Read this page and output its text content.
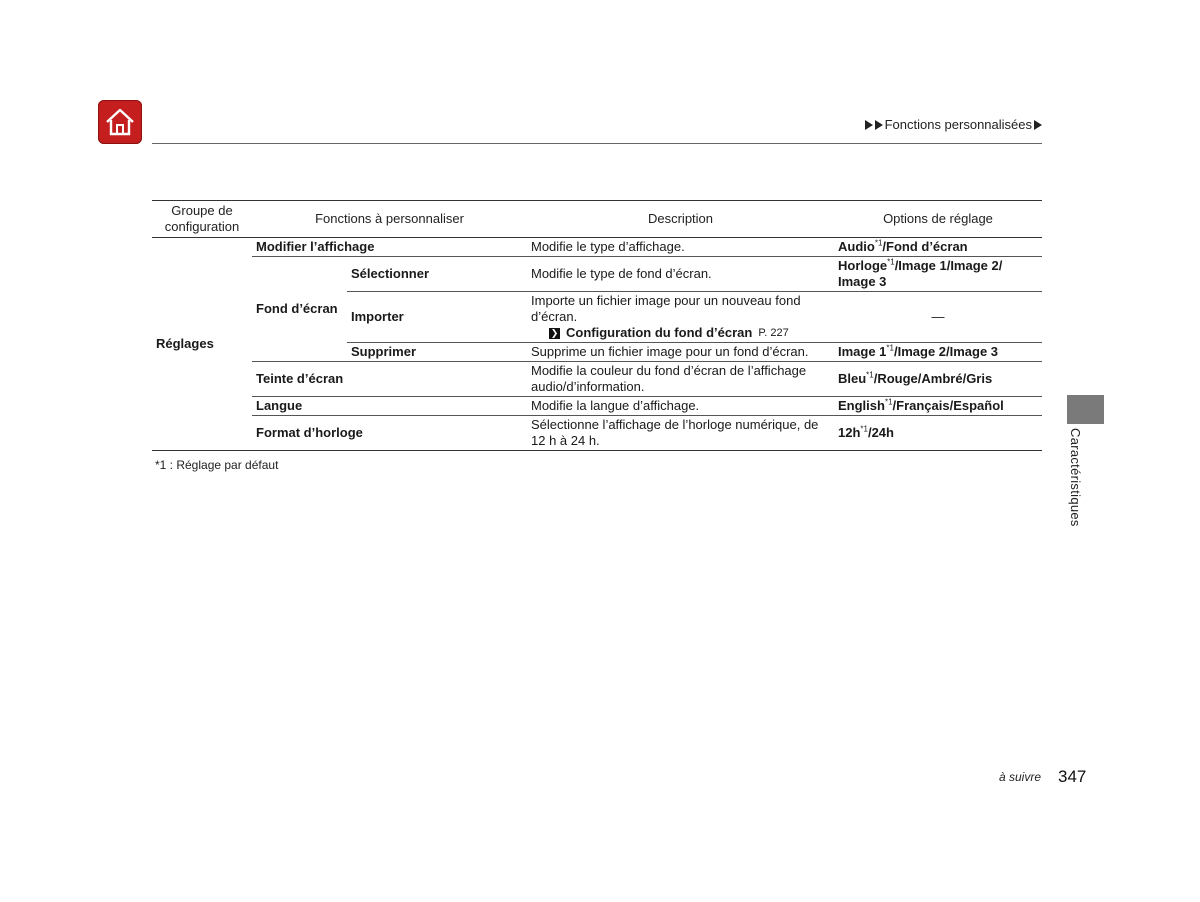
Fonctions personnalisées
Groupe de configuration	Fonctions à personnaliser		Description	Options de réglage
Réglages	Modifier l’affichage		Modifie le type d’affichage.	Audio$^{*1}$/Fond d’écran
	Fond d’écran	Sélectionner	Modifie le type de fond d’écran.	Horloge$^{*1}$/Image 1/Image 2/ Image 3
		Importer	Importe un fichier image pour un nouveau fond d’écran.
❯ Configuration du fond d’écran P. 227	—
		Supprimer	Supprime un fichier image pour un fond d’écran.	Image 1$^{*1}$/Image 2/Image 3
	Teinte d’écran		Modifie la couleur du fond d’écran de l’affichage audio/d’information.	Bleu$^{*1}$/Rouge/Ambré/Gris
	Langue		Modifie la langue d’affichage.	English$^{*1}$/Français/Español
	Format d’horloge		Sélectionne l’affichage de l’horloge numérique, de 12 h à 24 h.	$12h^{*1}/24h$
*1 : Réglage par défaut	Caractéristiques
à suivre 347
